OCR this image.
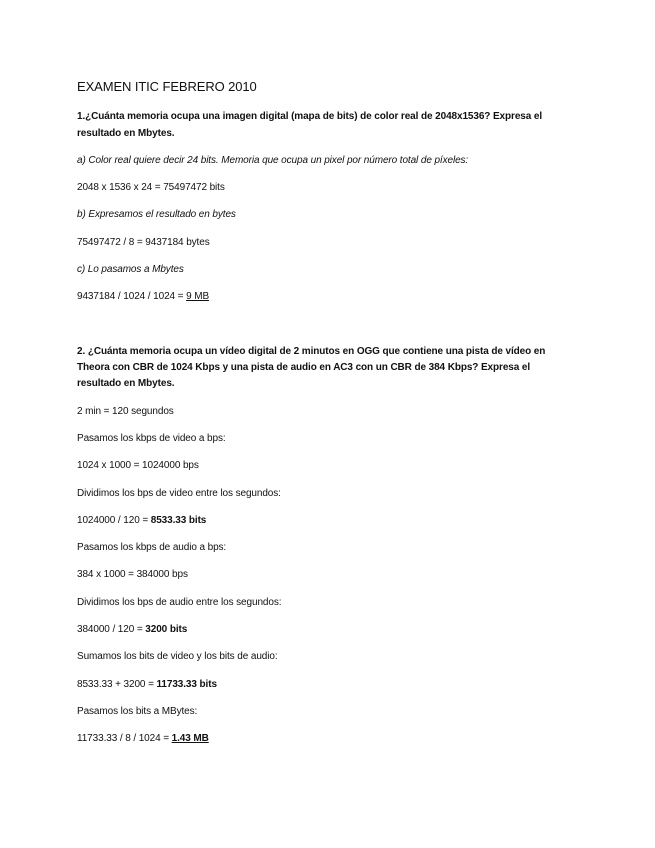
EXAMEN ITIC FEBRERO 2010
1.¿Cuánta memoria ocupa una imagen digital (mapa de bits) de color real de 2048x1536? Expresa el
resultado en Mbytes.
a) Color real quiere decir 24 bits. Memoria que ocupa un pixel por número total de píxeles:
2048 x 1536 x 24 = 75497472 bits
b) Expresamos el resultado en bytes
75497472 / 8 = 9437184 bytes
c) Lo pasamos a Mbytes
9437184 / 1024 / 1024 = 9 MB
2. ¿Cuánta memoria ocupa un vídeo digital de 2 minutos en OGG que contiene una pista de vídeo en
Theora con CBR de 1024 Kbps y una pista de audio en AC3 con un CBR de 384 Kbps? Expresa el
resultado en Mbytes.
2 min = 120 segundos
Pasamos los kbps de video a bps:
1024 x 1000 = 1024000 bps
Dividimos los bps de video entre los segundos:
1024000 / 120 = 8533.33 bits
Pasamos los kbps de audio a bps:
384 x 1000 = 384000 bps
Dividimos los bps de audio entre los segundos:
384000 / 120 = 3200 bits
Sumamos los bits de video y los bits de audio:
8533.33 + 3200 = 11733.33 bits
Pasamos los bits a MBytes:
11733.33 / 8 / 1024 = 1.43 MB
